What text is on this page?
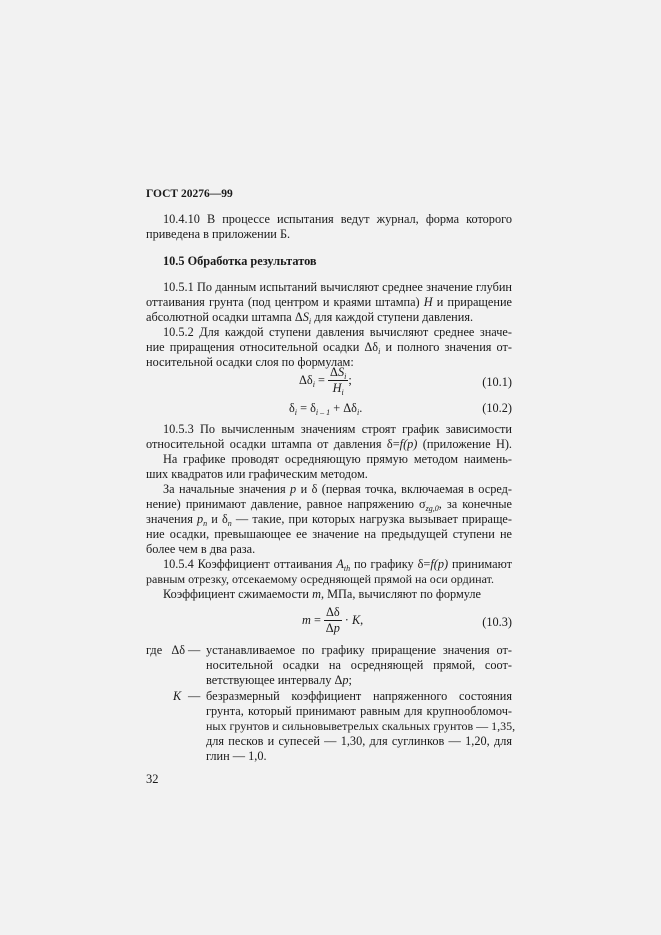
ГОСТ 20276—99
10.4.10 В процессе испытания ведут журнал, форма которого
приведена в приложении Б.
10.5 Обработка результатов
10.5.1 По данным испытаний вычисляют среднее значение глубин
оттаивания грунта (под центром и краями штампа) H и приращение
абсолютной осадки штампа $\Delta S_i$ для каждой ступени давления.
10.5.2 Для каждой ступени давления вычисляют среднее значе-
ние приращения относительной осадки $\Delta\delta_i$ и полного значения от-
носительной осадки слоя по формулам:
$\Delta\delta_i = \frac{\Delta S_i}{H_i}$ ;	(10.1)
$\delta_i = \delta_{i - 1} + \Delta\delta_i$.	(10.2)
10.5.3 По вычисленным значениям строят график зависимости
относительной осадки штампа от давления δ=f(p) (приложение Н).
На графике проводят осредняющую прямую методом наимень-
ших квадратов или графическим методом.
За начальные значения p и δ (первая точка, включаемая в осред-
нение) принимают давление, равное напряжению $\sigma_{zg,0}$, за конечные
значения $p_n$ и $\delta_n$ — такие, при которых нагрузка вызывает прираще-
ние осадки, превышающее ее значение на предыдущей ступени не
более чем в два раза.
10.5.4 Коэффициент оттаивания $A_{th}$ по графику δ=f(p) принимают
равным отрезку, отсекаемому осредняющей прямой на оси ординат.
Коэффициент сжимаемости m, МПа, вычисляют по формуле
$m = \frac{\Delta\delta}{\Delta p} \cdot K$,	(10.3)
где Δδ — устанавливаемое по графику приращение значения от-
носительной осадки на осредняющей прямой, соот-
ветствующее интервалу Δp;
K — безразмерный коэффициент напряженного состояния
грунта, который принимают равным для крупнообломоч-
ных грунтов и сильновыветрелых скальных грунтов — 1,35,
для песков и супесей — 1,30, для суглинков — 1,20, для
глин — 1,0.
32
